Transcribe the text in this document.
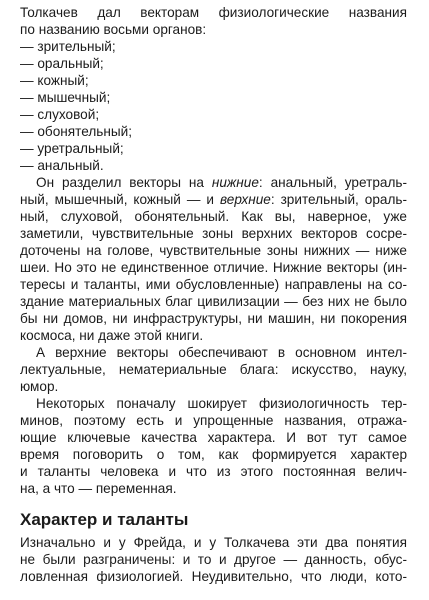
Толкачев дал векторам физиологические названия
по названию восьми органов:
— зрительный;
— оральный;
— кожный;
— мышечный;
— слуховой;
— обонятельный;
— уретральный;
— анальный.
Он разделил векторы на нижние: анальный, уретраль-
ный, мышечный, кожный — и верхние: зрительный, ораль-
ный, слуховой, обонятельный. Как вы, наверное, уже
заметили, чувствительные зоны верхних векторов сосре-
доточены на голове, чувствительные зоны нижних — ниже
шеи. Но это не единственное отличие. Нижние векторы (ин-
тересы и таланты, ими обусловленные) направлены на со-
здание материальных благ цивилизации — без них не было
бы ни домов, ни инфраструктуры, ни машин, ни покорения
космоса, ни даже этой книги.
А верхние векторы обеспечивают в основном интел-
лектуальные, нематериальные блага: искусство, науку,
юмор.
Некоторых поначалу шокирует физиологичность тер-
минов, поэтому есть и упрощенные названия, отража-
ющие ключевые качества характера. И вот тут самое
время поговорить о том, как формируется характер
и таланты человека и что из этого постоянная велич-
на, а что — переменная.
Характер и таланты
Изначально и у Фрейда, и у Толкачева эти два понятия
не были разграничены: и то и другое — данность, обус-
ловленная физиологией. Неудивительно, что люди, кото-
